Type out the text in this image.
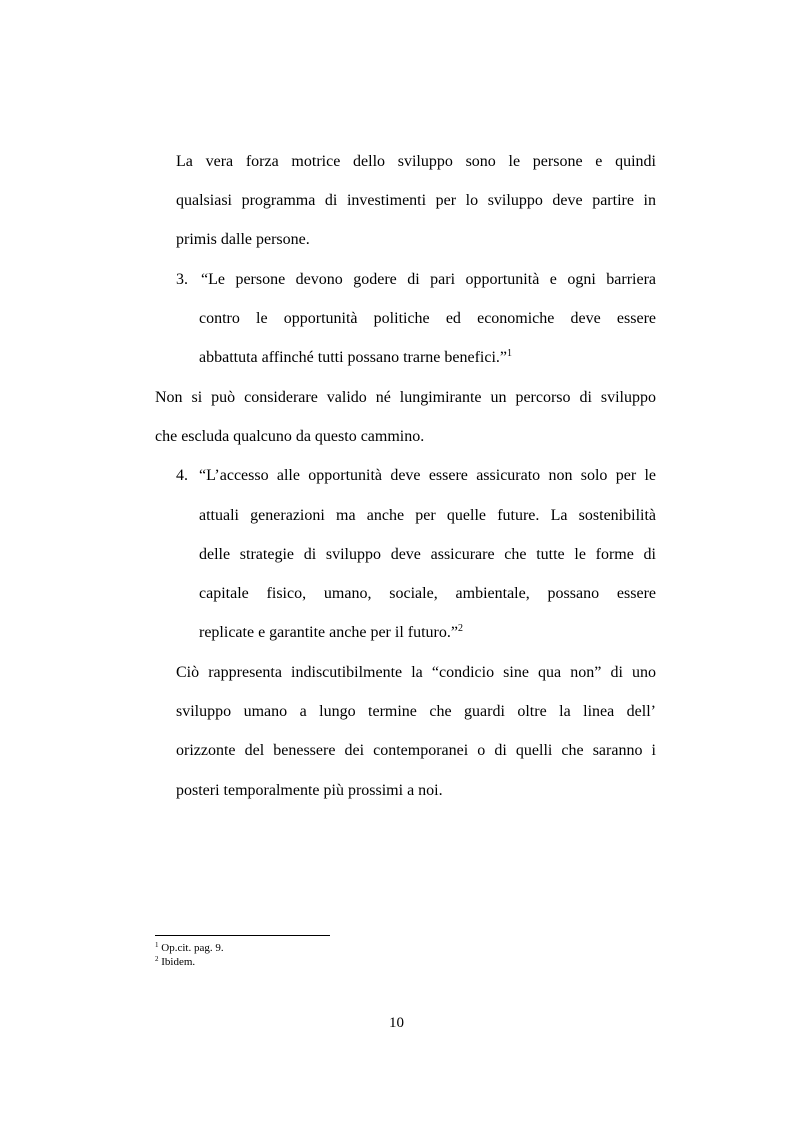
La vera forza motrice dello sviluppo sono le persone e quindi
qualsiasi programma di investimenti per lo sviluppo deve partire in
primis dalle persone.
3. “Le persone devono godere di pari opportunità e ogni barriera
contro le opportunità politiche ed economiche deve essere
abbattuta affinché tutti possano trarne benefici.”$^1$
Non si può considerare valido né lungimirante un percorso di sviluppo
che escluda qualcuno da questo cammino.
4. “L’accesso alle opportunità deve essere assicurato non solo per le
attuali generazioni ma anche per quelle future. La sostenibilità
delle strategie di sviluppo deve assicurare che tutte le forme di
capitale fisico, umano, sociale, ambientale, possano essere
replicate e garantite anche per il futuro.”$^2$
Ciò rappresenta indiscutibilmente la “condicio sine qua non” di uno
sviluppo umano a lungo termine che guardi oltre la linea dell’
orizzonte del benessere dei contemporanei o di quelli che saranno i
posteri temporalmente più prossimi a noi.
$^1$ Op.cit. pag. 9.
$^2$ Ibidem.
10
